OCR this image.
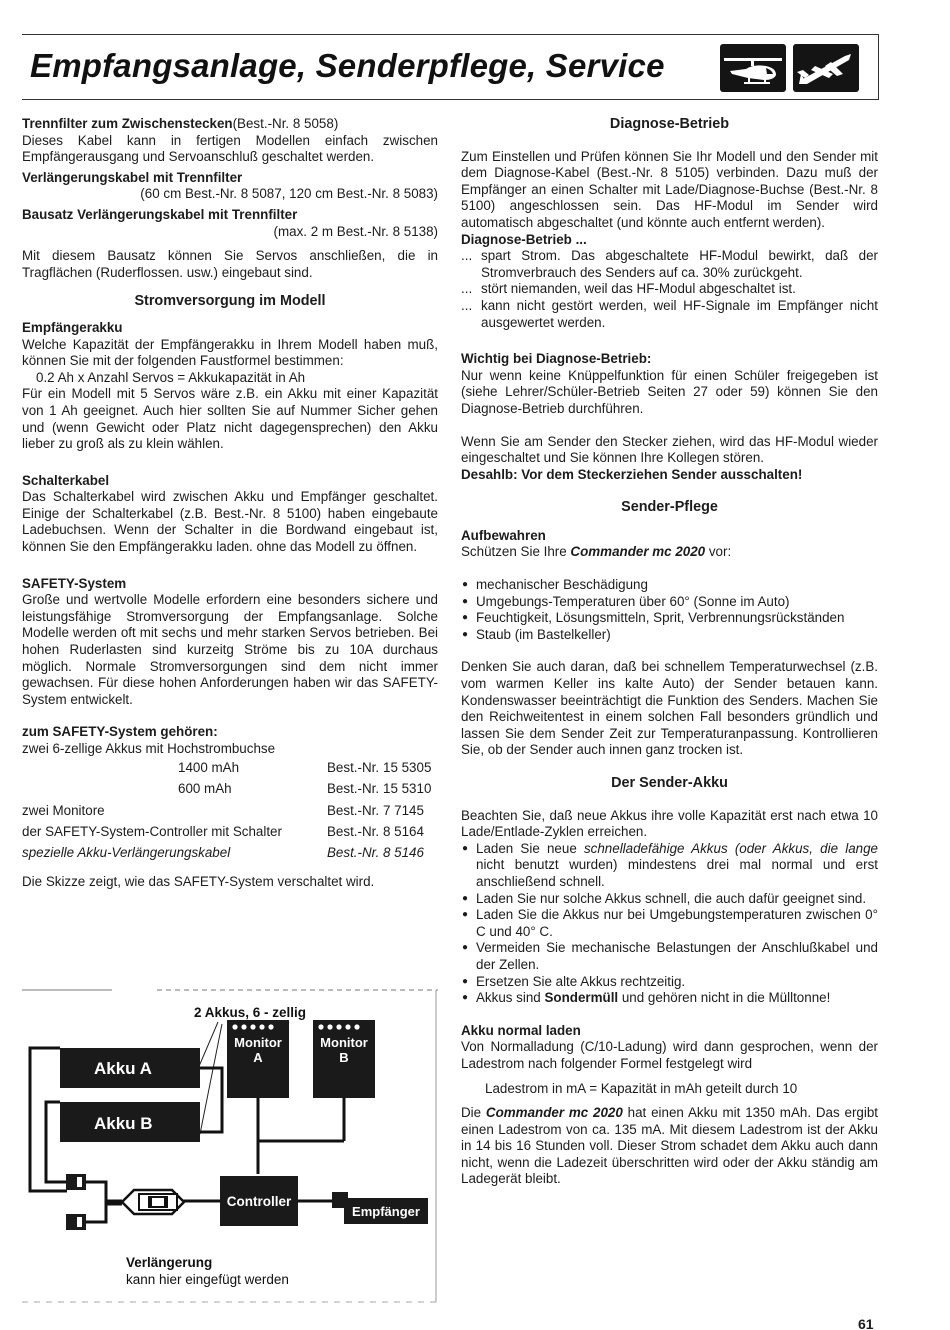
Empfangsanlage, Senderpflege, Service
Trennfilter zum Zwischenstecken(Best.-Nr. 8 5058)

Dieses Kabel kann in fertigen Modellen einfach zwischen Empfängerausgang und Servoanschluß geschaltet werden.

Verlängerungskabel mit Trennfilter
(60 cm Best.-Nr. 8 5087, 120 cm Best.-Nr. 8 5083)
Bausatz Verlängerungskabel mit Trennfilter
(max. 2 m Best.-Nr. 8 5138)

Mit diesem Bausatz können Sie Servos anschließen, die in Tragflächen (Ruderflossen. usw.) eingebaut sind.

Stromversorgung im Modell
Empfängerakku

Welche Kapazität der Empfängerakku in Ihrem Modell haben muß, können Sie mit der folgenden Faustformel bestimmen:

0.2 Ah x Anzahl Servos = Akkukapazität in Ah

Für ein Modell mit 5 Servos wäre z.B. ein Akku mit einer Kapazität von 1 Ah geeignet. Auch hier sollten Sie auf Nummer Sicher gehen und (wenn Gewicht oder Platz nicht dagegensprechen) den Akku lieber zu groß als zu klein wählen.

Schalterkabel

Das Schalterkabel wird zwischen Akku und Empfänger geschaltet. Einige der Schalterkabel (z.B. Best.-Nr. 8 5100) haben eingebaute Ladebuchsen. Wenn der Schalter in die Bordwand eingebaut ist, können Sie den Empfängerakku laden. ohne das Modell zu öffnen.

SAFETY-System

Große und wertvolle Modelle erfordern eine besonders sichere und leistungsfähige Stromversorgung der Empfangsanlage. Solche Modelle werden oft mit sechs und mehr starken Servos betrieben. Bei hohen Ruderlasten sind kurzeitg Ströme bis zu 10A durchaus möglich. Normale Stromversorgungen sind dem nicht immer gewachsen. Für diese hohen Anforderungen haben wir das SAFETY-System entwickelt.

zum SAFETY-System gehören:
zwei 6-zellige Akkus mit Hochstrombuchse
1400 mAh	Best.-Nr.	15 5305
600 mAh	Best.-Nr.	15 5310
zwei Monitore	Best.-Nr.	7 7145
der SAFETY-System-Controller mit Schalter	Best.-Nr.	8 5164
spezielle Akku-Verlängerungskabel	Best.-Nr.	8 5146
Die Skizze zeigt, wie das SAFETY-System verschaltet wird.
2 Akkus, 6 - zellig
Akku A
Akku B
Monitor
A
Monitor
B
Controller
Empfänger
Verlängerung
kann hier eingefügt werden
Diagnose-Betrieb

Zum Einstellen und Prüfen können Sie Ihr Modell und den Sender mit dem Diagnose-Kabel (Best.-Nr. 8 5105) verbinden. Dazu muß der Empfänger an einen Schalter mit Lade/Diagnose-Buchse (Best.-Nr. 8 5100) angeschlossen sein. Das HF-Modul im Sender wird automatisch abgeschaltet (und könnte auch entfernt werden).

Diagnose-Betrieb ...
... spart Strom. Das abgeschaltete HF-Modul bewirkt, daß der Stromverbrauch des Senders auf ca. 30% zurückgeht.
... stört niemanden, weil das HF-Modul abgeschaltet ist.
... kann nicht gestört werden, weil HF-Signale im Empfänger nicht ausgewertet werden.
Wichtig bei Diagnose-Betrieb:

Nur wenn keine Knüppelfunktion für einen Schüler freigegeben ist (siehe Lehrer/Schüler-Betrieb Seiten 27 oder 59) können Sie den Diagnose-Betrieb durchführen.

Wenn Sie am Sender den Stecker ziehen, wird das HF-Modul wieder eingeschaltet und Sie können Ihre Kollegen stören.

Desahlb: Vor dem Steckerziehen Sender ausschalten!
Sender-Pflege
Aufbewahren
Schützen Sie Ihre Commander mc 2020 vor:
● mechanischer Beschädigung
● Umgebungs-Temperaturen über 60° (Sonne im Auto)
● Feuchtigkeit, Lösungsmitteln, Sprit, Verbrennungsrückständen
● Staub (im Bastelkeller)

Denken Sie auch daran, daß bei schnellem Temperaturwechsel (z.B. vom warmen Keller ins kalte Auto) der Sender betauen kann. Kondenswasser beeinträchtigt die Funktion des Senders. Machen Sie den Reichweitentest in einem solchen Fall besonders gründlich und lassen Sie dem Sender Zeit zur Temperaturanpassung. Kontrollieren Sie, ob der Sender auch innen ganz trocken ist.

Der Sender-Akku

Beachten Sie, daß neue Akkus ihre volle Kapazität erst nach etwa 10 Lade/Entlade-Zyklen erreichen.

● Laden Sie neue schnelladefähige Akkus (oder Akkus, die lange nicht benutzt wurden) mindestens drei mal normal und erst anschließend schnell.
● Laden Sie nur solche Akkus schnell, die auch dafür geeignet sind.
● Laden Sie die Akkus nur bei Umgebungstemperaturen zwischen 0° C und 40° C.
● Vermeiden Sie mechanische Belastungen der Anschlußkabel und der Zellen.
● Ersetzen Sie alte Akkus rechtzeitig.
● Akkus sind Sondermüll und gehören nicht in die Mülltonne!
Akku normal laden

Von Normalladung (C/10-Ladung) wird dann gesprochen, wenn der Ladestrom nach folgender Formel festgelegt wird

Ladestrom in mA = Kapazität in mAh geteilt durch 10

Die Commander mc 2020 hat einen Akku mit 1350 mAh. Das ergibt einen Ladestrom von ca. 135 mA. Mit diesem Ladestrom ist der Akku in 14 bis 16 Stunden voll. Dieser Strom schadet dem Akku auch dann nicht, wenn die Ladezeit überschritten wird oder der Akku ständig am Ladegerät bleibt.

61
